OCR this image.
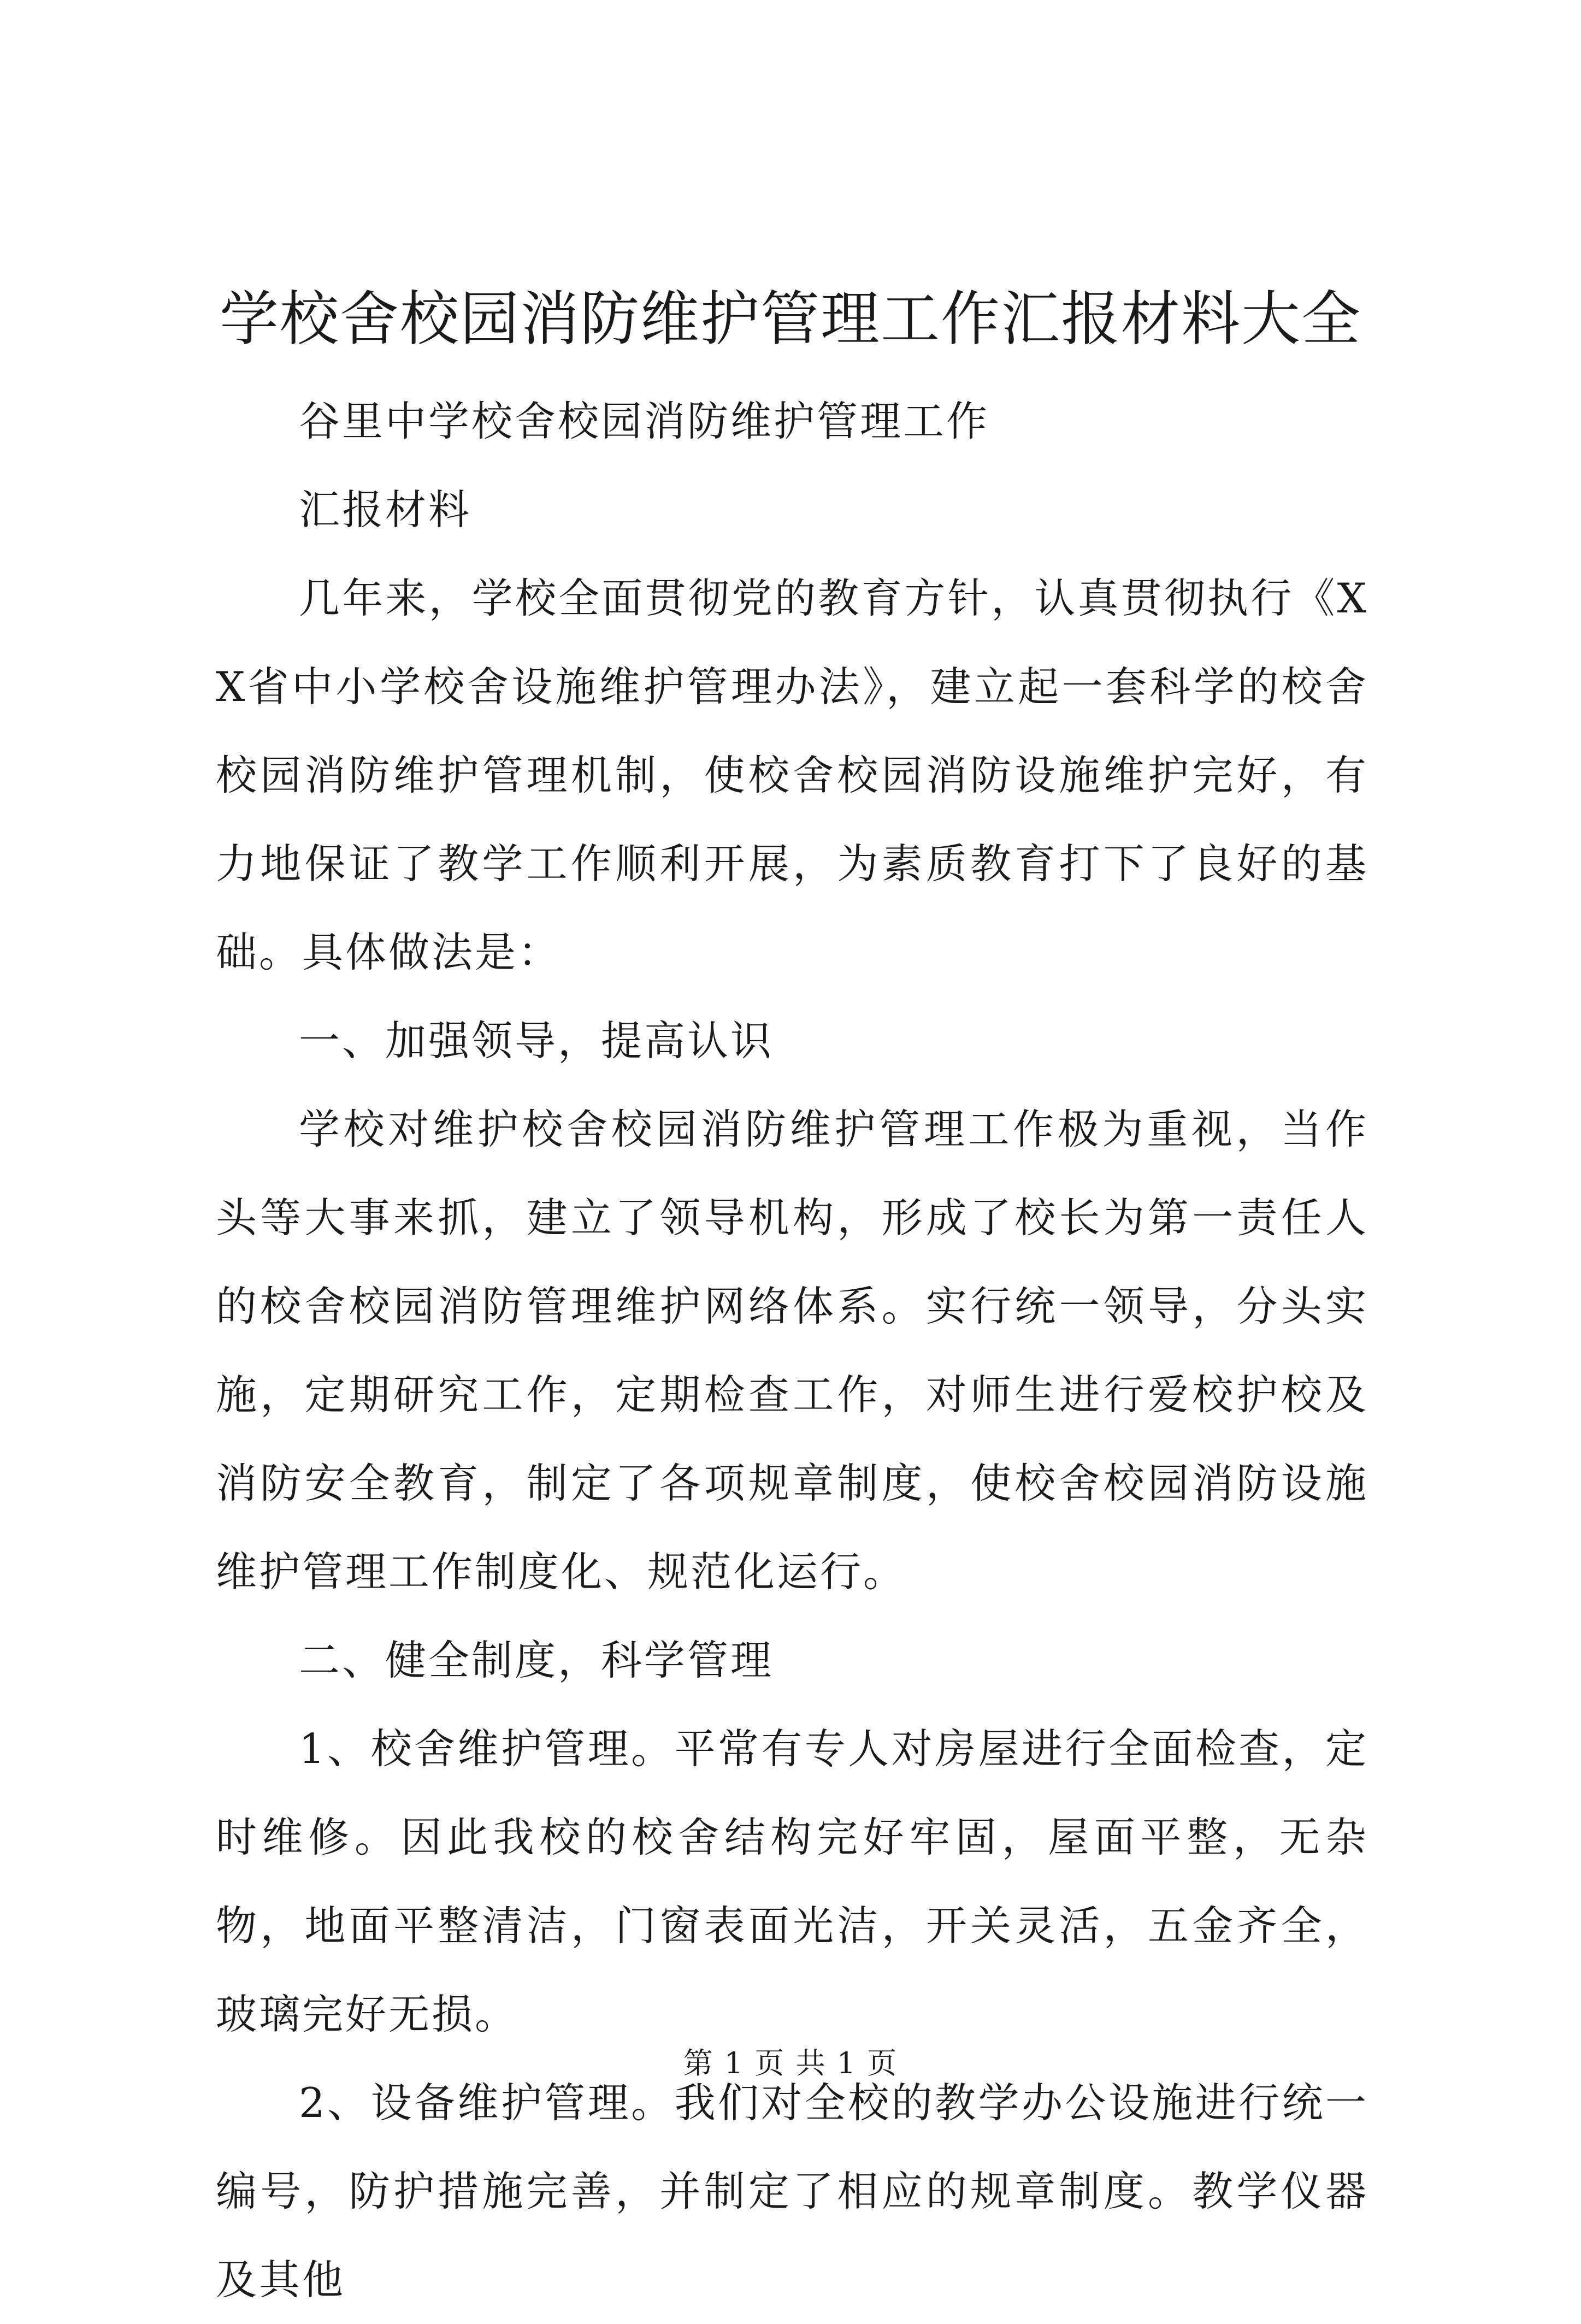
学校舍校园消防维护管理工作汇报材料大全

谷里中学校舍校园消防维护管理工作

汇报材料

几年来，学校全面贯彻党的教育方针，认真贯彻执行《XX省中小学校舍设施维护管理办法》，建立起一套科学的校舍校园消防维护管理机制，使校舍校园消防设施维护完好，有力地保证了教学工作顺利开展，为素质教育打下了良好的基础。具体做法是：

一、加强领导，提高认识

学校对维护校舍校园消防维护管理工作极为重视，当作头等大事来抓，建立了领导机构，形成了校长为第一责任人的校舍校园消防管理维护网络体系。实行统一领导，分头实施，定期研究工作，定期检查工作，对师生进行爱校护校及消防安全教育，制定了各项规章制度，使校舍校园消防设施维护管理工作制度化、规范化运行。

二、健全制度，科学管理

1、校舍维护管理。平常有专人对房屋进行全面检查，定时维修。因此我校的校舍结构完好牢固，屋面平整，无杂物，地面平整清洁，门窗表面光洁，开关灵活，五金齐全，玻璃完好无损。

2、设备维护管理。我们对全校的教学办公设施进行统一编号，防护措施完善，并制定了相应的规章制度。教学仪器及其他

第 1 页 共 1 页
